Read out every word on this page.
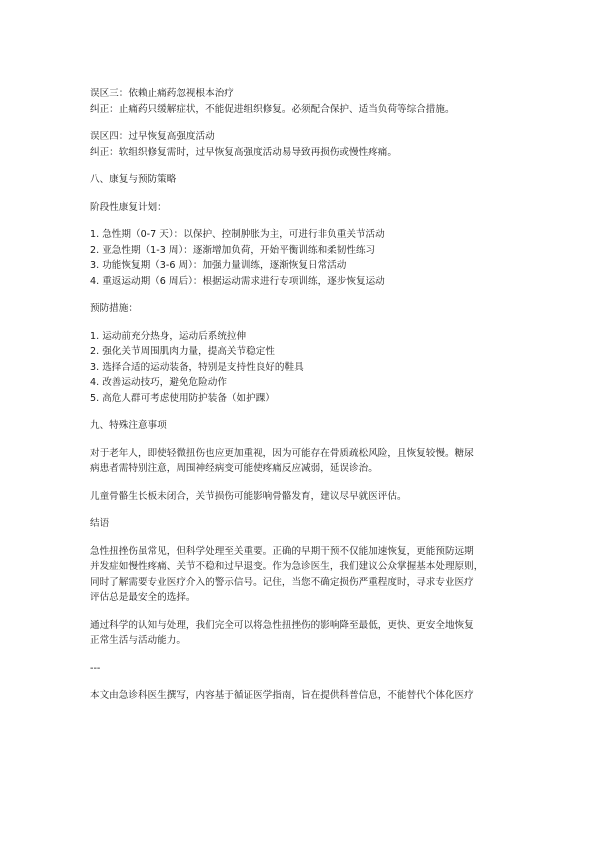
误区三：依赖止痛药忽视根本治疗
纠正：止痛药只缓解症状，不能促进组织修复。必须配合保护、适当负荷等综合措施。
误区四：过早恢复高强度活动
纠正：软组织修复需时，过早恢复高强度活动易导致再损伤或慢性疼痛。
八、康复与预防策略
阶段性康复计划：
1. 急性期（0-7 天）：以保护、控制肿胀为主，可进行非负重关节活动
2. 亚急性期（1-3 周）：逐渐增加负荷，开始平衡训练和柔韧性练习
3. 功能恢复期（3-6 周）：加强力量训练，逐渐恢复日常活动
4. 重返运动期（6 周后）：根据运动需求进行专项训练，逐步恢复运动
预防措施：
1. 运动前充分热身，运动后系统拉伸
2. 强化关节周围肌肉力量，提高关节稳定性
3. 选择合适的运动装备，特别是支持性良好的鞋具
4. 改善运动技巧，避免危险动作
5. 高危人群可考虑使用防护装备（如护踝）
九、特殊注意事项
对于老年人，即使轻微扭伤也应更加重视，因为可能存在骨质疏松风险，且恢复较慢。糖尿
病患者需特别注意，周围神经病变可能使疼痛反应减弱，延误诊治。
儿童骨骼生长板未闭合，关节损伤可能影响骨骼发育，建议尽早就医评估。
结语
急性扭挫伤虽常见，但科学处理至关重要。正确的早期干预不仅能加速恢复，更能预防远期
并发症如慢性疼痛、关节不稳和过早退变。作为急诊医生，我们建议公众掌握基本处理原则，
同时了解需要专业医疗介入的警示信号。记住，当您不确定损伤严重程度时，寻求专业医疗
评估总是最安全的选择。
通过科学的认知与处理，我们完全可以将急性扭挫伤的影响降至最低，更快、更安全地恢复
正常生活与活动能力。
---
本文由急诊科医生撰写，内容基于循证医学指南，旨在提供科普信息，不能替代个体化医疗
